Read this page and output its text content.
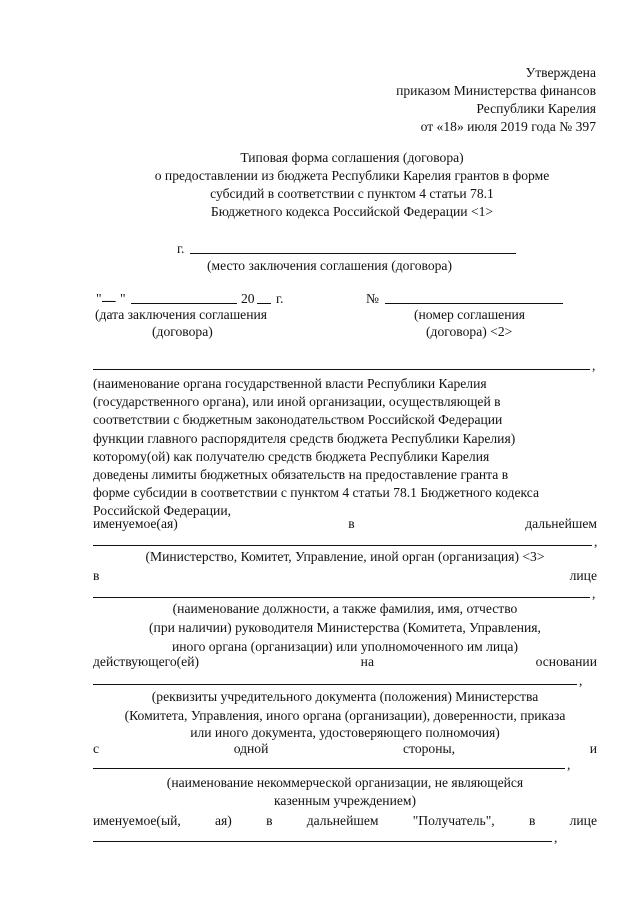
Утверждена
приказом Министерства финансов
Республики Карелия
от «18» июля 2019 года № 397
Типовая форма соглашения (договора)
о предоставлении из бюджета Республики Карелия грантов в форме
субсидий в соответствии с пунктом 4 статьи 78.1
Бюджетного кодекса Российской Федерации <1>
г.
(место заключения соглашения (договора)
" __ "	20 г.
(дата заключения соглашения
(договора)
№
(номер соглашения
(договора) <2>
,
(наименование органа государственной власти Республики Карелия
(государственного органа), или иной организации, осуществляющей в
соответствии с бюджетным законодательством Российской Федерации
функции главного распорядителя средств бюджета Республики Карелия)
которому(ой) как получателю средств бюджета Республики Карелия
доведены лимиты бюджетных обязательств на предоставление гранта в
форме субсидии в соответствии с пунктом 4 статьи 78.1 Бюджетного кодекса
Российской Федерации,
именуемое(ая)	в	дальнейшем
,
(Министерство, Комитет, Управление, иной орган (организация) <3>
в	лице
,
(наименование должности, а также фамилия, имя, отчество
(при наличии) руководителя Министерства (Комитета, Управления,
иного органа (организации) или уполномоченного им лица)
действующего(ей)	на	основании
,
(реквизиты учредительного документа (положения) Министерства
(Комитета, Управления, иного органа (организации), доверенности, приказа
или иного документа, удостоверяющего полномочия)
с	одной	стороны,	и
,
(наименование некоммерческой организации, не являющейся
казенным учреждением)
именуемое(ый,	ая)	в	дальнейшем	"Получатель",	в	лице
,
